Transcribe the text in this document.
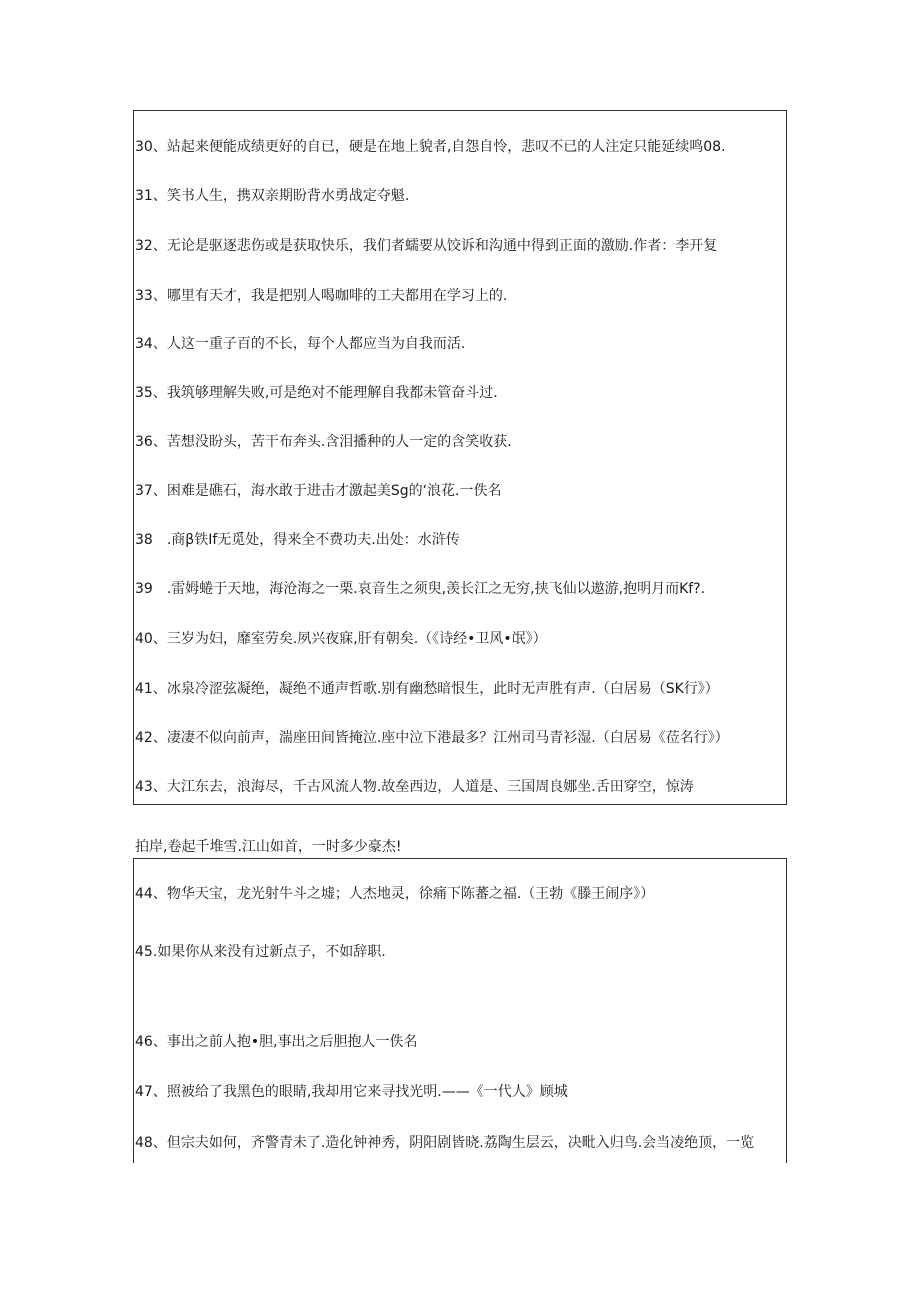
30、站起来便能成绩更好的自已，硬是在地上貌者,自怨自怜，悲叹不已的人注定只能延续鸣08.
31、笑书人生，携双亲期盼背水勇战定夺魁.
32、无论是驱逐悲伤或是获取快乐，我们者蠕要从饺诉和沟通中得到正面的激励.作者：李开复
33、哪里有天才，我是把别人喝咖啡的工夫都用在学习上的.
34、人这一重子百的不长，每个人都应当为自我而活.
35、我筑够理解失败,可是绝对不能理解自我都未管奋斗过.
36、苦想没盼头，苦干布奔头.含泪播种的人一定的含笑收获.
37、困难是礁石，海水敢于进击才激起美Sg的‘浪花.一佚名
38　.商β铁If无觅处，得来全不费功夫.出处：水浒传
39　.雷姆蜷于天地，海沧海之一栗.哀音生之须臾,羡长江之无穷,挟飞仙以遨游,抱明月而Kf?.
40、三岁为妇，靡室劳矣.夙兴夜寐,肝有朝矣.（《诗经•卫风•氓》）
41、冰泉冷涩弦凝绝，凝绝不通声哲歌.别有幽愁暗恨生，此时无声胜有声.（白居易（SK行》）
42、凄凄不似向前声，湍座田间皆掩泣.座中泣下港最多？江州司马青衫湿.（白居易《莅名行》）
43、大江东去，浪海尽，千古风流人物.故垒西边，人道是、三国周良娜坐.舌田穿空，惊涛
拍岸,卷起千堆雪.江山如首，一时多少豪杰!
44、物华天宝，龙光射牛斗之墟；人杰地灵，徐痛下陈蕃之福.（王勃《滕王闹序》）
45.如果你从来没有过新点子，不如辞职.
46、事出之前人抱•胆,事出之后胆抱人一佚名
47、照被给了我黑色的眼睛,我却用它来寻找光明.——《一代人》顾城
48、但宗夫如何，齐警青未了.造化钟神秀，阴阳剧皆晓.荔陶生层云，决毗入归鸟.会当凌绝顶，一览
